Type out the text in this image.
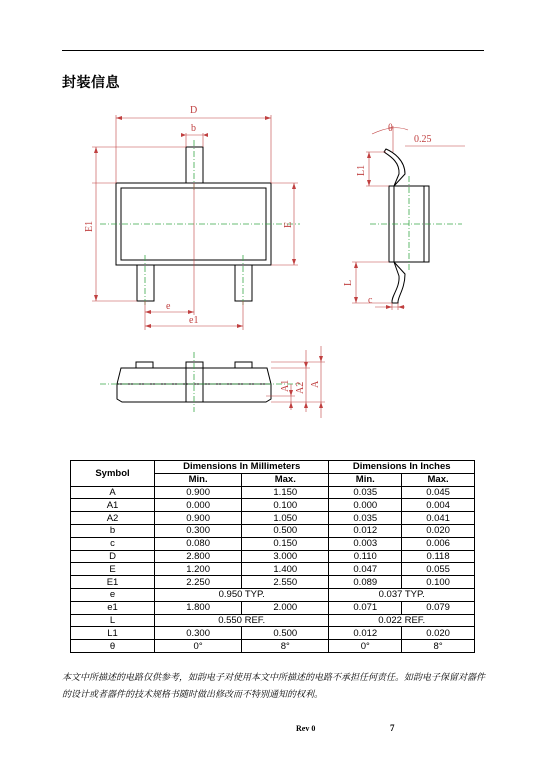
封装信息
D
b
E1	E
e
e1
θ
0.25
L1
L
c
A1 A2 A
Symbol	Dimensions In Millimeters		Dimensions In Inches	
	Min.	Max.	Min.	Max.
A	0.900	1.150	0.035	0.045
A1	0.000	0.100	0.000	0.004
A2	0.900	1.050	0.035	0.041
b	0.300	0.500	0.012	0.020
c	0.080	0.150	0.003	0.006
D	2.800	3.000	0.110	0.118
E	1.200	1.400	0.047	0.055
E1	2.250	2.550	0.089	0.100
e	0.950 TYP.		0.037 TYP.	
e1	1.800	2.000	0.071	0.079
L	0.550 REF.		0.022 REF.	
L1	0.300	0.500	0.012	0.020
θ	0°	8°	0°	8°
本文中所描述的电路仅供参考，如韵电子对使用本文中所描述的电路不承担任何责任。如韵电子保留对器件的设计或者器件的技术规格书随时做出修改而不特别通知的权利。
Rev 0	7
